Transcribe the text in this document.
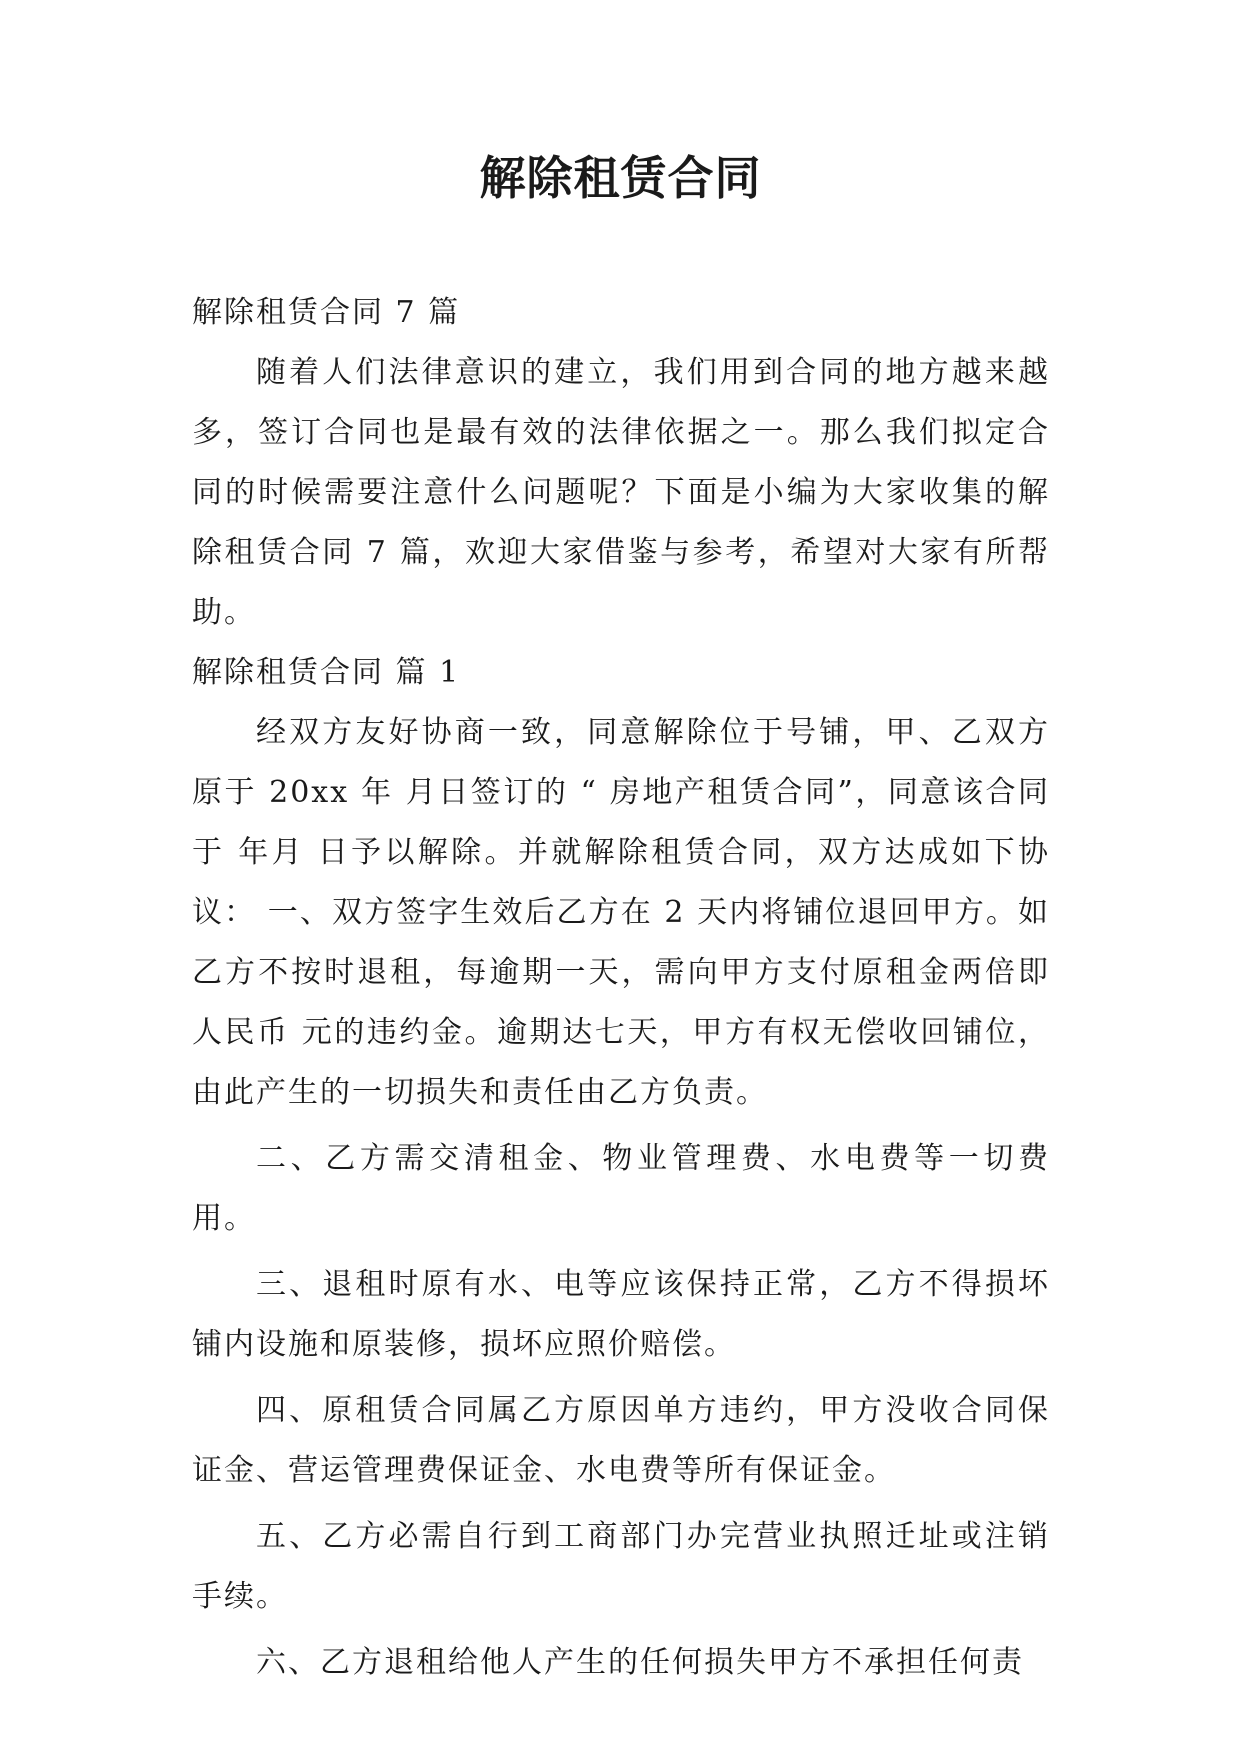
解除租赁合同

解除租赁合同 7 篇

随着人们法律意识的建立，我们用到合同的地方越来越多，签订合同也是最有效的法律依据之一。那么我们拟定合同的时候需要注意什么问题呢？下面是小编为大家收集的解除租赁合同 7 篇，欢迎大家借鉴与参考，希望对大家有所帮助。

解除租赁合同 篇 1

经双方友好协商一致，同意解除位于号铺，甲、乙双方原于 20xx 年 月日签订的 “ 房地产租赁合同”，同意该合同于 年月 日予以解除。并就解除租赁合同，双方达成如下协议： 一、双方签字生效后乙方在 2 天内将铺位退回甲方。如乙方不按时退租，每逾期一天，需向甲方支付原租金两倍即人民币 元的违约金。逾期达七天，甲方有权无偿收回铺位，由此产生的一切损失和责任由乙方负责。

二、乙方需交清租金、物业管理费、水电费等一切费用。

三、退租时原有水、电等应该保持正常，乙方不得损坏铺内设施和原装修，损坏应照价赔偿。

四、原租赁合同属乙方原因单方违约，甲方没收合同保证金、营运管理费保证金、水电费等所有保证金。

五、乙方必需自行到工商部门办完营业执照迁址或注销手续。

六、乙方退租给他人产生的任何损失甲方不承担任何责
